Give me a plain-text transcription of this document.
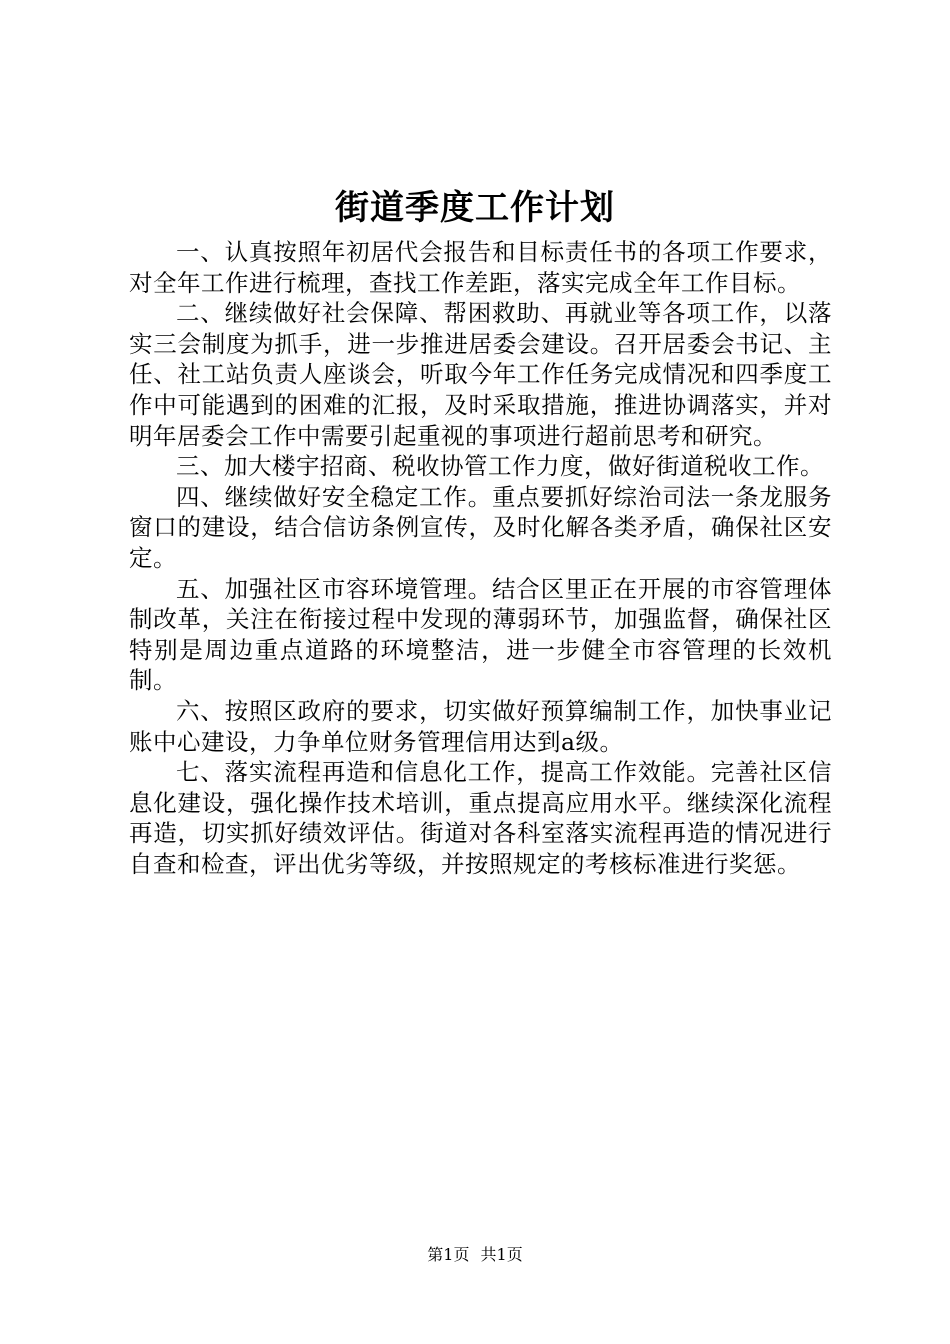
街道季度工作计划

一、认真按照年初居代会报告和目标责任书的各项工作要求，对全年工作进行梳理，查找工作差距，落实完成全年工作目标。

二、继续做好社会保障、帮困救助、再就业等各项工作，以落实三会制度为抓手，进一步推进居委会建设。召开居委会书记、主任、社工站负责人座谈会，听取今年工作任务完成情况和四季度工作中可能遇到的困难的汇报，及时采取措施，推进协调落实，并对明年居委会工作中需要引起重视的事项进行超前思考和研究。

三、加大楼宇招商、税收协管工作力度，做好街道税收工作。

四、继续做好安全稳定工作。重点要抓好综治司法一条龙服务窗口的建设，结合信访条例宣传，及时化解各类矛盾，确保社区安定。

五、加强社区市容环境管理。结合区里正在开展的市容管理体制改革，关注在衔接过程中发现的薄弱环节，加强监督，确保社区特别是周边重点道路的环境整洁，进一步健全市容管理的长效机制。

六、按照区政府的要求，切实做好预算编制工作，加快事业记账中心建设，力争单位财务管理信用达到a级。

七、落实流程再造和信息化工作，提高工作效能。完善社区信息化建设，强化操作技术培训，重点提高应用水平。继续深化流程再造，切实抓好绩效评估。街道对各科室落实流程再造的情况进行自查和检查，评出优劣等级，并按照规定的考核标准进行奖惩。

第1页 共1页
